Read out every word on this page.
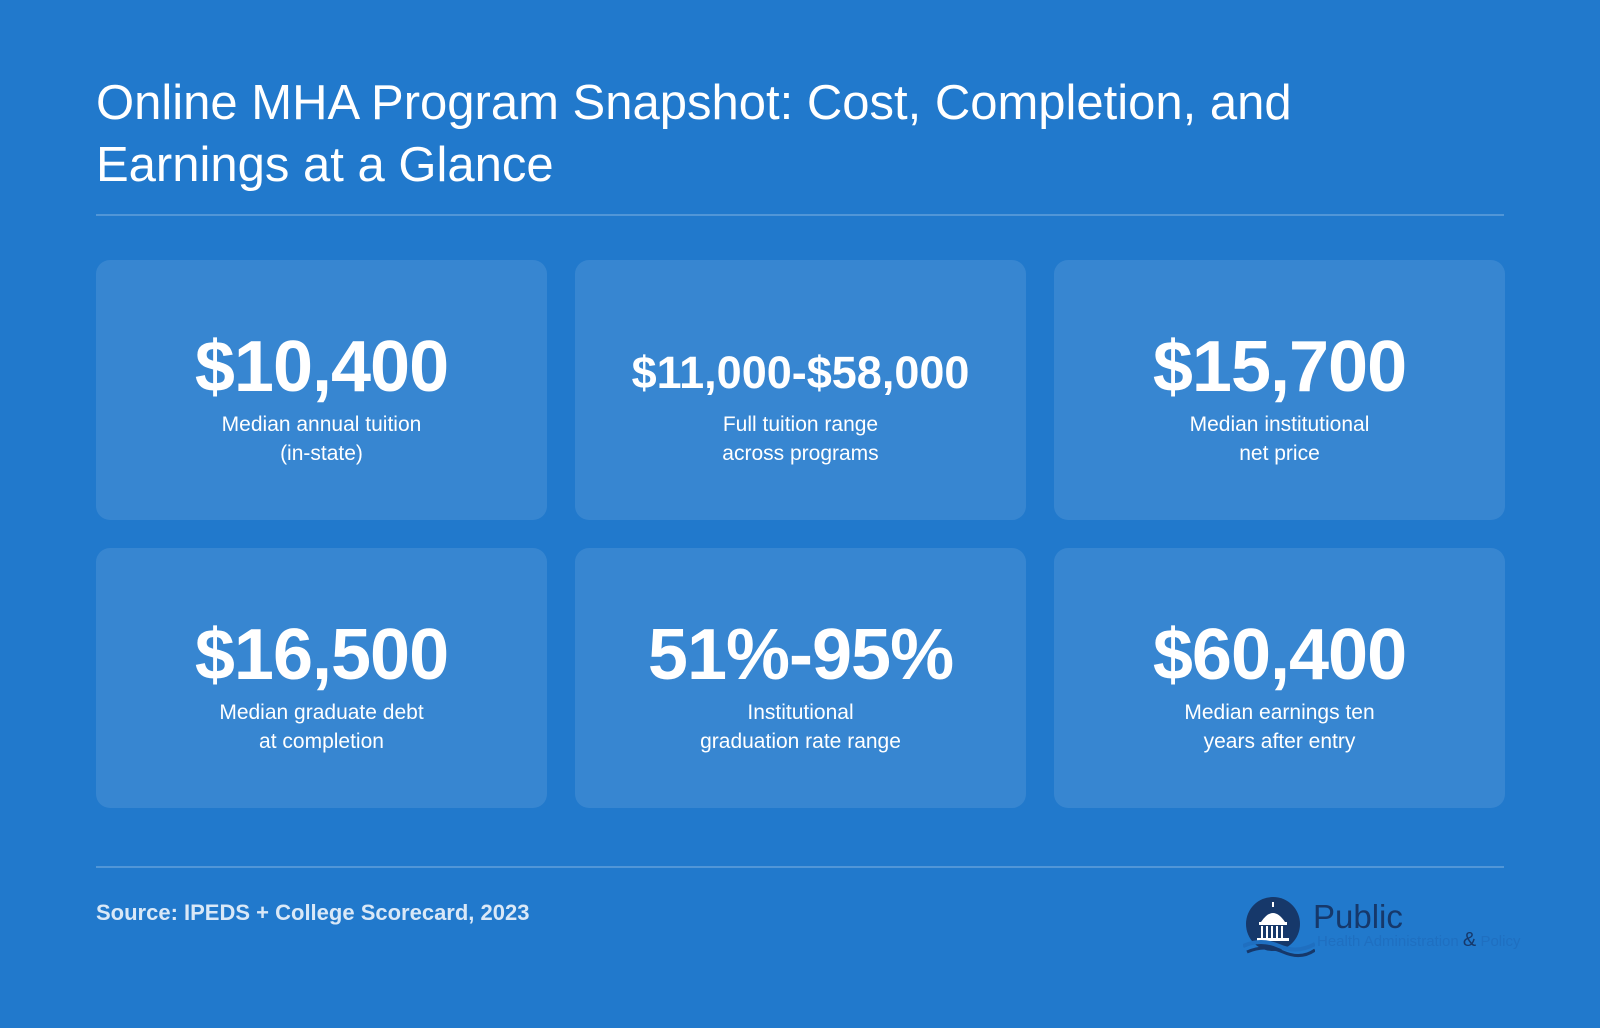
Online MHA Program Snapshot: Cost, Completion, and Earnings at a Glance
$10,400
Median annual tuition
(in-state)
$11,000-$58,000
Full tuition range
across programs
$15,700
Median institutional
net price
$16,500
Median graduate debt
at completion
51%-95%
Institutional
graduation rate range
$60,400
Median earnings ten
years after entry
Source: IPEDS + College Scorecard, 2023	Public
Health Administration & Policy
